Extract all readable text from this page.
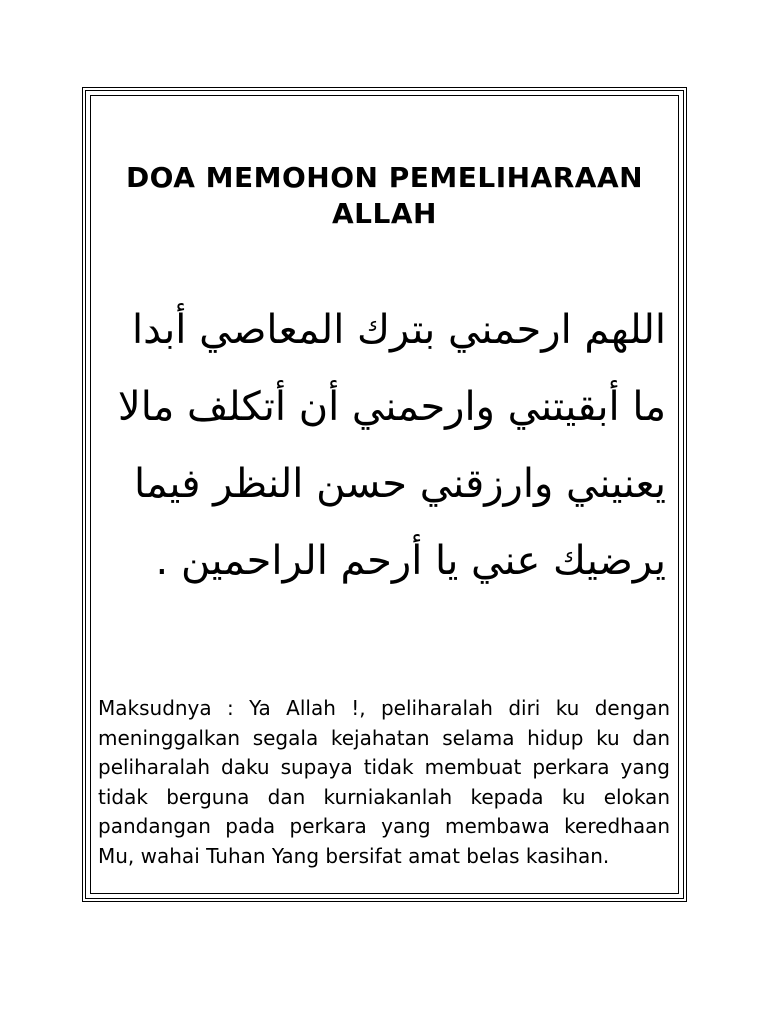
DOA MEMOHON PEMELIHARAAN ALLAH
اللهم ارحمني بترك المعاصي أبدا ما أبقيتني وارحمني أن أتكلف مالا يعنيني وارزقني حسن النظر فيما يرضيك عني يا أرحم الراحمين .
Maksudnya : Ya Allah !, peliharalah diri ku dengan meninggalkan segala kejahatan selama hidup ku dan peliharalah daku supaya tidak membuat perkara yang tidak berguna dan kurniakanlah kepada ku elokan pandangan pada perkara yang membawa keredhaan Mu, wahai Tuhan Yang bersifat amat belas kasihan.
